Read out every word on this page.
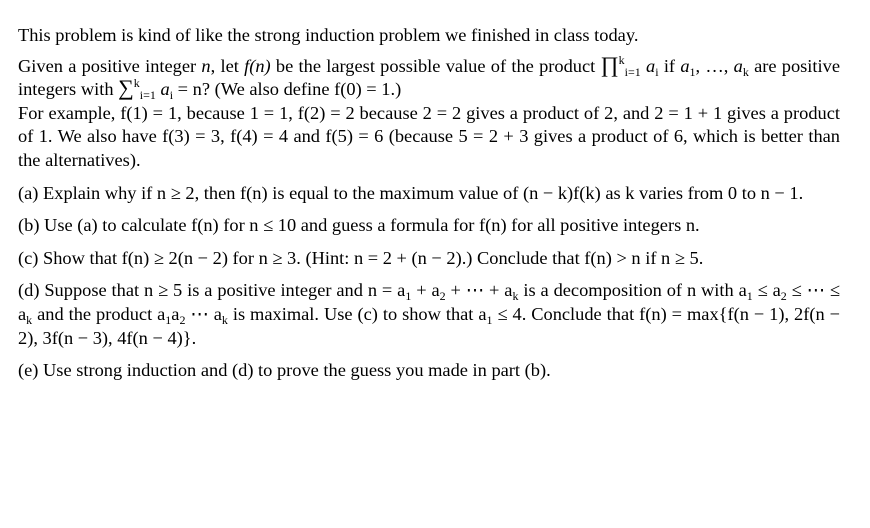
This problem is kind of like the strong induction problem we finished in class today.

Given a positive integer n, let f(n) be the largest possible value of the product ∏$^k_{i=1}$ $a_i$ if $a_1$, …, $a_k$ are positive integers with ∑$^k_{i=1}$ $a_i = n$? (We also define f(0) = 1.)

For example, f(1) = 1, because 1 = 1, f(2) = 2 because 2 = 2 gives a product of 2, and 2 = 1 + 1 gives a product of 1. We also have f(3) = 3, f(4) = 4 and f(5) = 6 (because 5 = 2 + 3 gives a product of 6, which is better than the alternatives).

(a) Explain why if n ≥ 2, then f(n) is equal to the maximum value of (n − k)f(k) as k varies from 0 to n − 1.

(b) Use (a) to calculate f(n) for n ≤ 10 and guess a formula for f(n) for all positive integers n.

(c) Show that f(n) ≥ 2(n − 2) for n ≥ 3. (Hint: n = 2 + (n − 2).) Conclude that f(n) > n if n ≥ 5.

(d) Suppose that n ≥ 5 is a positive integer and $n = a_1 + a_2$ + ⋯ + $a_k$ is a decomposition of n with $a_1 \le a_2$ ≤ ⋯ ≤ $a_k$ and the product $a_1a_2$ ⋯ $a_k$ is maximal. Use (c) to show that $a_1 \le 4$. Conclude that f(n) = max{f(n − 1), 2f(n − 2), 3f(n − 3), 4f(n − 4)}.

(e) Use strong induction and (d) to prove the guess you made in part (b).
